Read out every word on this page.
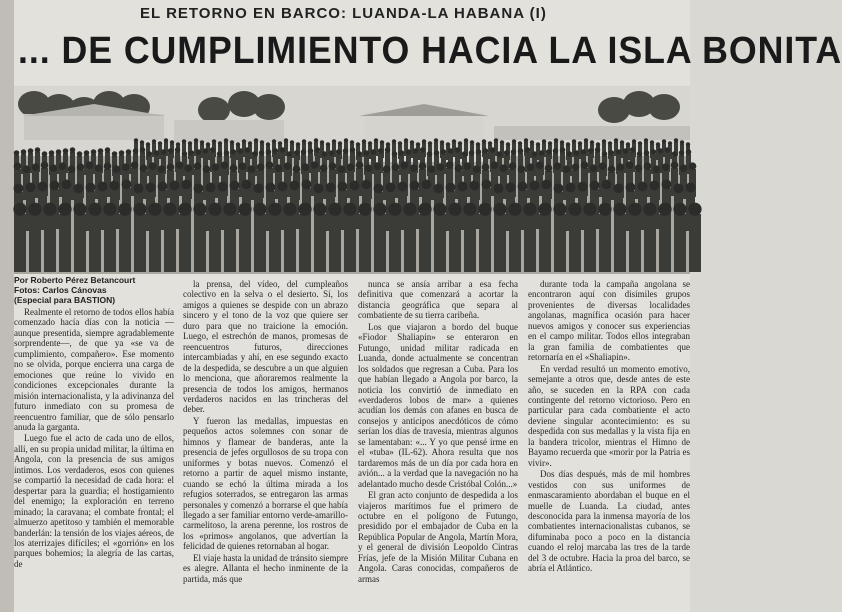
EL RETORNO EN BARCO: LUANDA-LA HABANA (I)
... DE CUMPLIMIENTO HACIA LA ISLA BONITA
Por Roberto Pérez Betancourt
Fotos: Carlos Cánovas
(Especial para BASTION)

Realmente el retorno de todos ellos había comenzado hacía días con la noticia —aunque presentida, siempre agradablemente sorprendente—, de que ya «se va de cumplimiento, compañero». Ese momento no se olvida, porque encierra una carga de emociones que reúne lo vivido en condiciones excepcionales durante la misión internacionalista, y la adivinanza del futuro inmediato con su promesa de reencuentro familiar, que de sólo pensarlo anuda la garganta.

Luego fue el acto de cada uno de ellos, allí, en su propia unidad militar, la última en Angola, con la presencia de sus amigos íntimos. Los verdaderos, esos con quienes se compartió la necesidad de cada hora: el despertar para la guardia; el hostigamiento del enemigo; la exploración en terreno minado; la caravana; el combate frontal; el almuerzo apetitoso y también el memorable banderlán: la tensión de los viajes aéreos, de los aterrizajes difíciles; el «gorrión» en los parques bohemios; la alegría de las cartas, de

la prensa, del vídeo, del cumpleaños colectivo en la selva o el desierto. Sí, los amigos a quienes se despide con un abrazo sincero y el tono de la voz que quiere ser duro para que no traicione la emoción. Luego, el estrechón de manos, promesas de reencuentros futuros, direcciones intercambiadas y ahí, en ese segundo exacto de la despedida, se descubre a un que alguien lo menciona, que añoraremos realmente la presencia de todos los amigos, hermanos verdaderos nacidos en las trincheras del deber.

Y fueron las medallas, impuestas en pequeños actos solemnes con sonar de himnos y flamear de banderas, ante la presencia de jefes orgullosos de su tropa con uniformes y botas nuevos. Comenzó el retorno a partir de aquel mismo instante, cuando se echó la última mirada a los refugios soterrados, se entregaron las armas personales y comenzó a borrarse el que había llegado a ser familiar entorno verde-amarillo-carmelitoso, la arena perenne, los rostros de los «primos» angolanos, que advertían la felicidad de quienes retornaban al hogar.

El viaje hasta la unidad de tránsito siempre es alegre. Allanta el hecho inminente de la partida, más que

nunca se ansía arribar a esa fecha definitiva que comenzará a acortar la distancia geográfica que separa al combatiente de su tierra caribeña.

Los que viajaron a bordo del buque «Fiodor Shaliapin» se enteraron en Futungo, unidad militar radicada en Luanda, donde actualmente se concentran los soldados que regresan a Cuba. Para los que habían llegado a Angola por barco, la noticia los convirtió de inmediato en «verdaderos lobos de mar» a quienes acudían los demás con afanes en busca de consejos y anticipos anecdóticos de cómo serían los días de travesía, mientras algunos se lamentaban: «... Y yo que pensé irme en el «tuba» (IL-62). Ahora resulta que nos tardaremos más de un día por cada hora en avión... a la verdad que la navegación no ha adelantado mucho desde Cristóbal Colón...»

El gran acto conjunto de despedida a los viajeros marítimos fue el primero de octubre en el polígono de Futungo, presidido por el embajador de Cuba en la República Popular de Angola, Martín Mora, y el general de división Leopoldo Cintras Frías, jefe de la Misión Militar Cubana en Angola. Caras conocidas, compañeros de armas

durante toda la campaña angolana se encontraron aquí con disímiles grupos provenientes de diversas localidades angolanas, magnífica ocasión para hacer nuevos amigos y conocer sus experiencias en el campo militar. Todos ellos integraban la gran familia de combatientes que retornaría en el «Shaliapin».

En verdad resultó un momento emotivo, semejante a otros que, desde antes de este año, se suceden en la RPA con cada contingente del retorno victorioso. Pero en particular para cada combatiente el acto deviene singular acontecimiento: es su despedida con sus medallas y la vista fija en la bandera tricolor, mientras el Himno de Bayamo recuerda que «morir por la Patria es vivir».

Dos días después, más de mil hombres vestidos con sus uniformes de enmascaramiento abordaban el buque en el muelle de Luanda. La ciudad, antes desconocida para la inmensa mayoría de los combatientes internacionalistas cubanos, se difuminaba poco a poco en la distancia cuando el reloj marcaba las tres de la tarde del 3 de octubre. Hacia la proa del barco, se abría el Atlántico.
